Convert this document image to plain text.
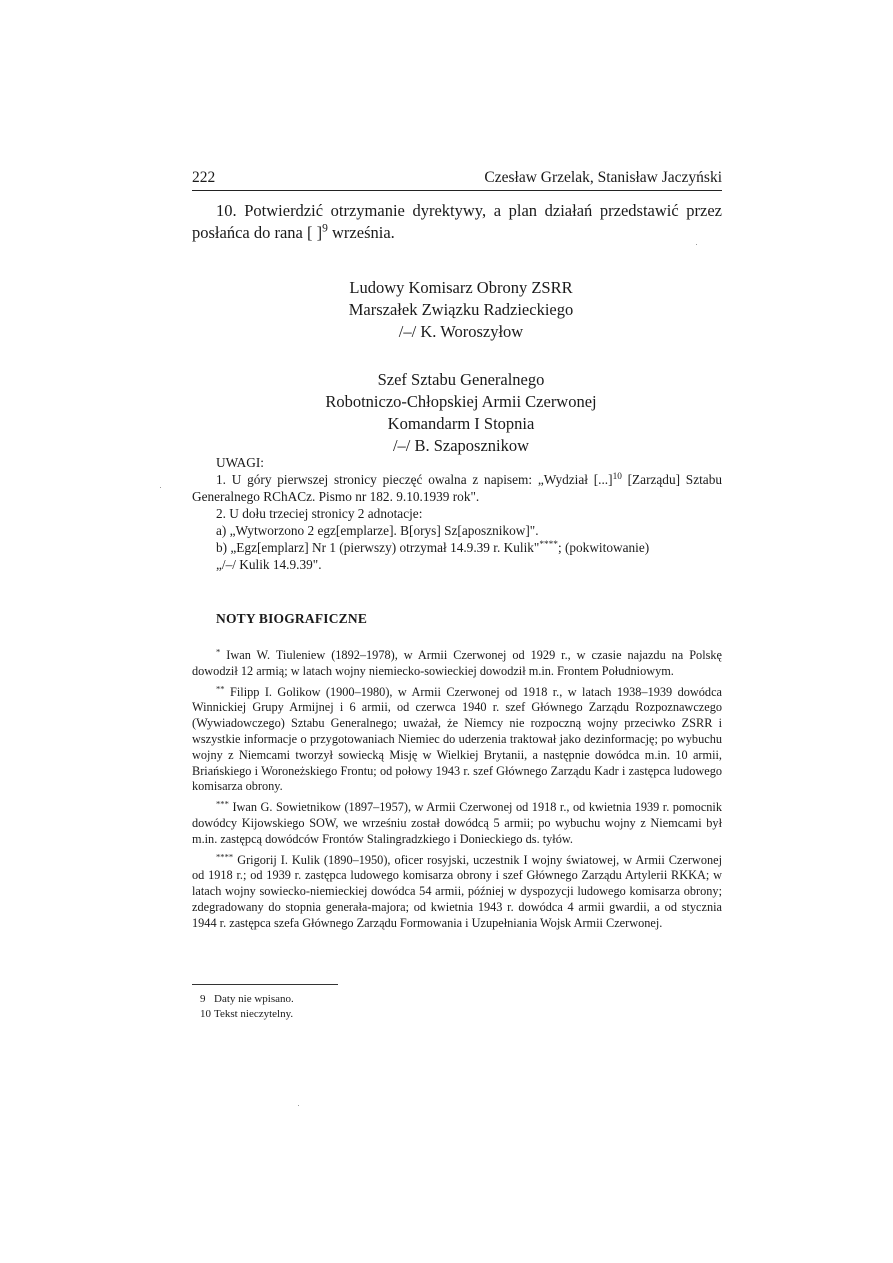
222	Czesław Grzelak, Stanisław Jaczyński

10. Potwierdzić otrzymanie dyrektywy, a plan działań przedstawić przez posłańca do rana [ ]$^9$ września.

Ludowy Komisarz Obrony ZSRR

Marszałek Związku Radzieckiego

/–/ K. Woroszyłow

Szef Sztabu Generalnego

Robotniczo-Chłopskiej Armii Czerwonej

Komandarm I Stopnia

/–/ B. Szaposznikow

UWAGI:

1. U góry pierwszej stronicy pieczęć owalna z napisem: „Wydział [...]$^{10}$ [Zarządu] Sztabu Generalnego RChACz. Pismo nr 182. 9.10.1939 rok".

2. U dołu trzeciej stronicy 2 adnotacje:

a) „Wytworzono 2 egz[emplarze]. B[orys] Sz[aposznikow]".

b) „Egz[emplarz] Nr 1 (pierwszy) otrzymał 14.9.39 r. Kulik"****; (pokwitowanie)

„/–/ Kulik 14.9.39".

NOTY BIOGRAFICZNE

* Iwan W. Tiuleniew (1892–1978), w Armii Czerwonej od 1929 r., w czasie najazdu na Polskę dowodził 12 armią; w latach wojny niemiecko-sowieckiej dowodził m.in. Frontem Południowym.

** Filipp I. Golikow (1900–1980), w Armii Czerwonej od 1918 r., w latach 1938–1939 dowódca Winnickiej Grupy Armijnej i 6 armii, od czerwca 1940 r. szef Głównego Zarządu Rozpoznawczego (Wywiadowczego) Sztabu Generalnego; uważał, że Niemcy nie rozpoczną wojny przeciwko ZSRR i wszystkie informacje o przygotowaniach Niemiec do uderzenia traktował jako dezinformację; po wybuchu wojny z Niemcami tworzył sowiecką Misję w Wielkiej Brytanii, a następnie dowódca m.in. 10 armii, Briańskiego i Woroneżskiego Frontu; od połowy 1943 r. szef Głównego Zarządu Kadr i zastępca ludowego komisarza obrony.

*** Iwan G. Sowietnikow (1897–1957), w Armii Czerwonej od 1918 r., od kwietnia 1939 r. pomocnik dowódcy Kijowskiego SOW, we wrześniu został dowódcą 5 armii; po wybuchu wojny z Niemcami był m.in. zastępcą dowódców Frontów Stalingradzkiego i Donieckiego ds. tyłów.

**** Grigorij I. Kulik (1890–1950), oficer rosyjski, uczestnik I wojny światowej, w Armii Czerwonej od 1918 r.; od 1939 r. zastępca ludowego komisarza obrony i szef Głównego Zarządu Artylerii RKKA; w latach wojny sowiecko-niemieckiej dowódca 54 armii, później w dyspozycji ludowego komisarza obrony; zdegradowany do stopnia generała-majora; od kwietnia 1943 r. dowódca 4 armii gwardii, a od stycznia 1944 r. zastępca szefa Głównego Zarządu Formowania i Uzupełniania Wojsk Armii Czerwonej.

9 Daty nie wpisano.
10 Tekst nieczytelny.
